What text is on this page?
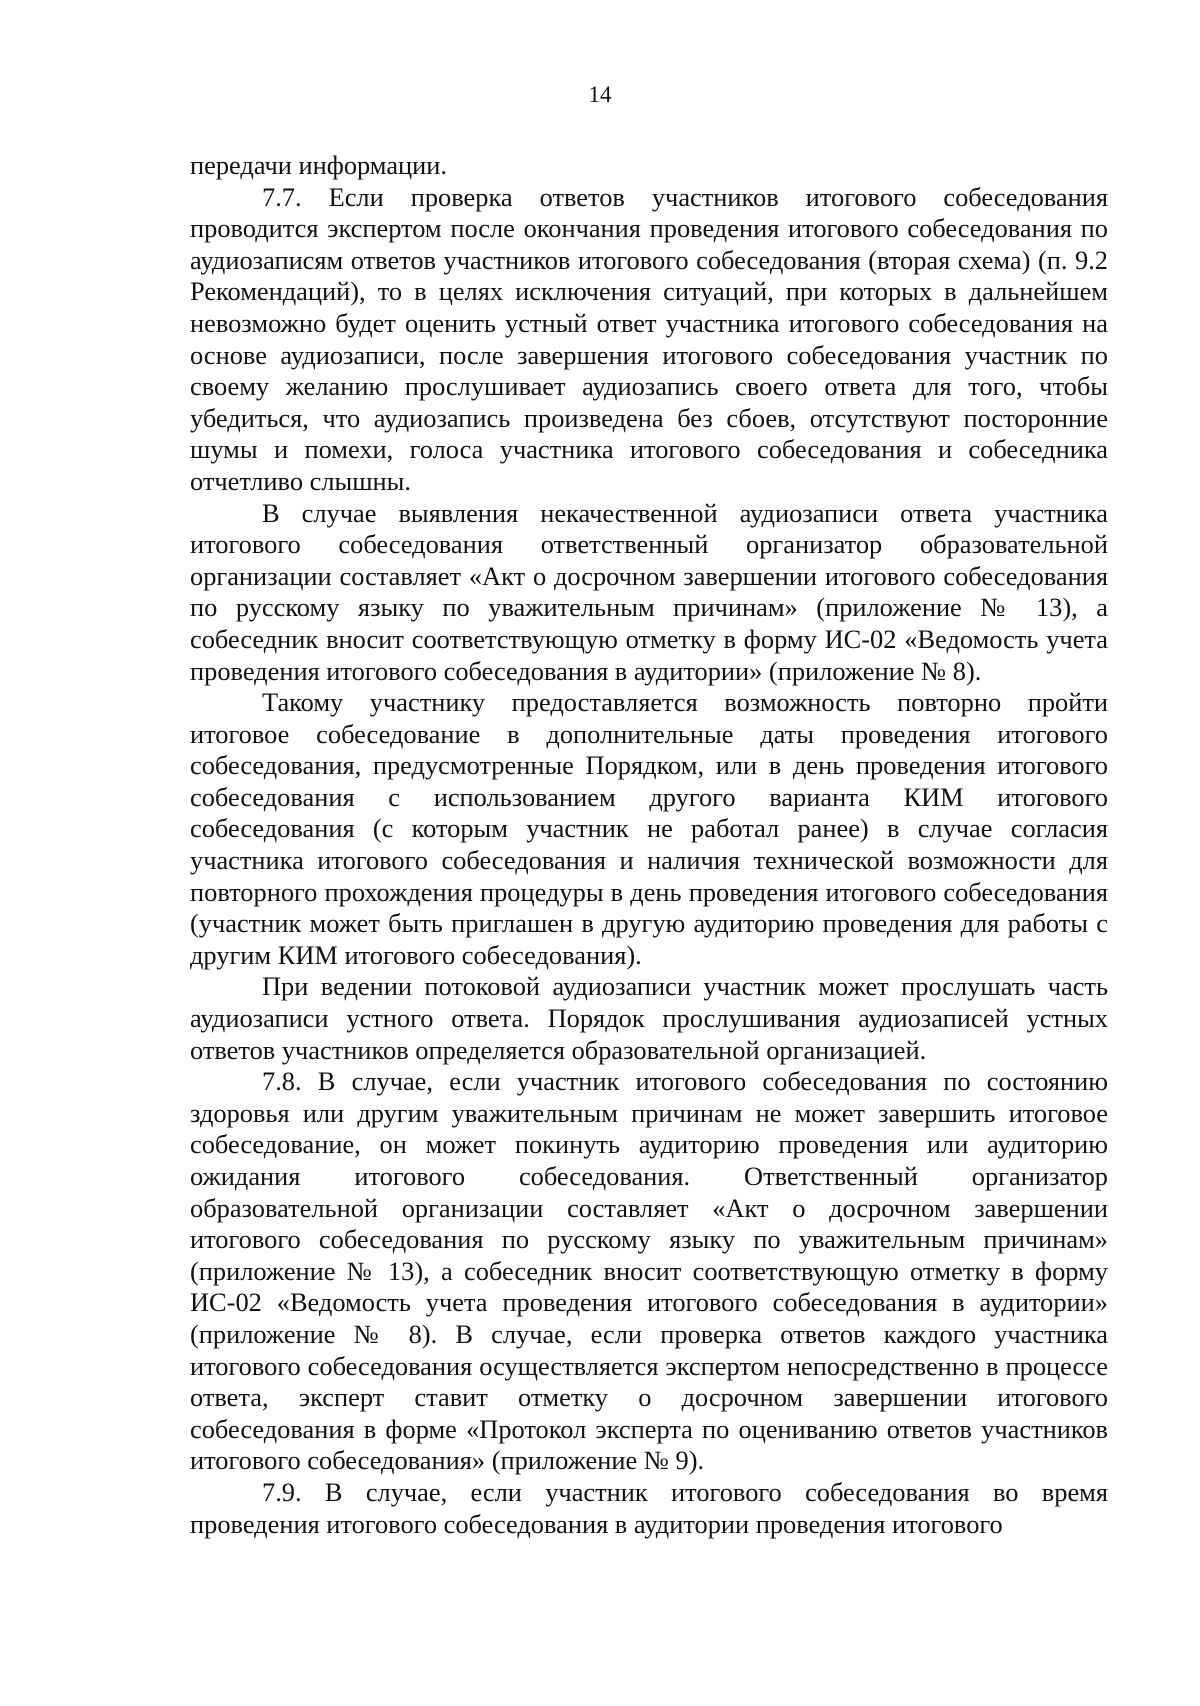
14

передачи информации.

7.7. Если проверка ответов участников итогового собеседования проводится экспертом после окончания проведения итогового собеседования по аудиозаписям ответов участников итогового собеседования (вторая схема) (п. 9.2 Рекомендаций), то в целях исключения ситуаций, при которых в дальнейшем невозможно будет оценить устный ответ участника итогового собеседования на основе аудиозаписи, после завершения итогового собеседования участник по своему желанию прослушивает аудиозапись своего ответа для того, чтобы убедиться, что аудиозапись произведена без сбоев, отсутствуют посторонние шумы и помехи, голоса участника итогового собеседования и собеседника отчетливо слышны.

В случае выявления некачественной аудиозаписи ответа участника итогового собеседования ответственный организатор образовательной организации составляет «Акт о досрочном завершении итогового собеседования по русскому языку по уважительным причинам» (приложение № 13), а собеседник вносит соответствующую отметку в форму ИС-02 «Ведомость учета проведения итогового собеседования в аудитории» (приложение № 8).

Такому участнику предоставляется возможность повторно пройти итоговое собеседование в дополнительные даты проведения итогового собеседования, предусмотренные Порядком, или в день проведения итогового собеседования с использованием другого варианта КИМ итогового собеседования (с которым участник не работал ранее) в случае согласия участника итогового собеседования и наличия технической возможности для повторного прохождения процедуры в день проведения итогового собеседования (участник может быть приглашен в другую аудиторию проведения для работы с другим КИМ итогового собеседования).

При ведении потоковой аудиозаписи участник может прослушать часть аудиозаписи устного ответа. Порядок прослушивания аудиозаписей устных ответов участников определяется образовательной организацией.

7.8. В случае, если участник итогового собеседования по состоянию здоровья или другим уважительным причинам не может завершить итоговое собеседование, он может покинуть аудиторию проведения или аудиторию ожидания итогового собеседования. Ответственный организатор образовательной организации составляет «Акт о досрочном завершении итогового собеседования по русскому языку по уважительным причинам» (приложение № 13), а собеседник вносит соответствующую отметку в форму ИС-02 «Ведомость учета проведения итогового собеседования в аудитории» (приложение № 8). В случае, если проверка ответов каждого участника итогового собеседования осуществляется экспертом непосредственно в процессе ответа, эксперт ставит отметку о досрочном завершении итогового собеседования в форме «Протокол эксперта по оцениванию ответов участников итогового собеседования» (приложение № 9).

7.9. В случае, если участник итогового собеседования во время проведения итогового собеседования в аудитории проведения итогового
